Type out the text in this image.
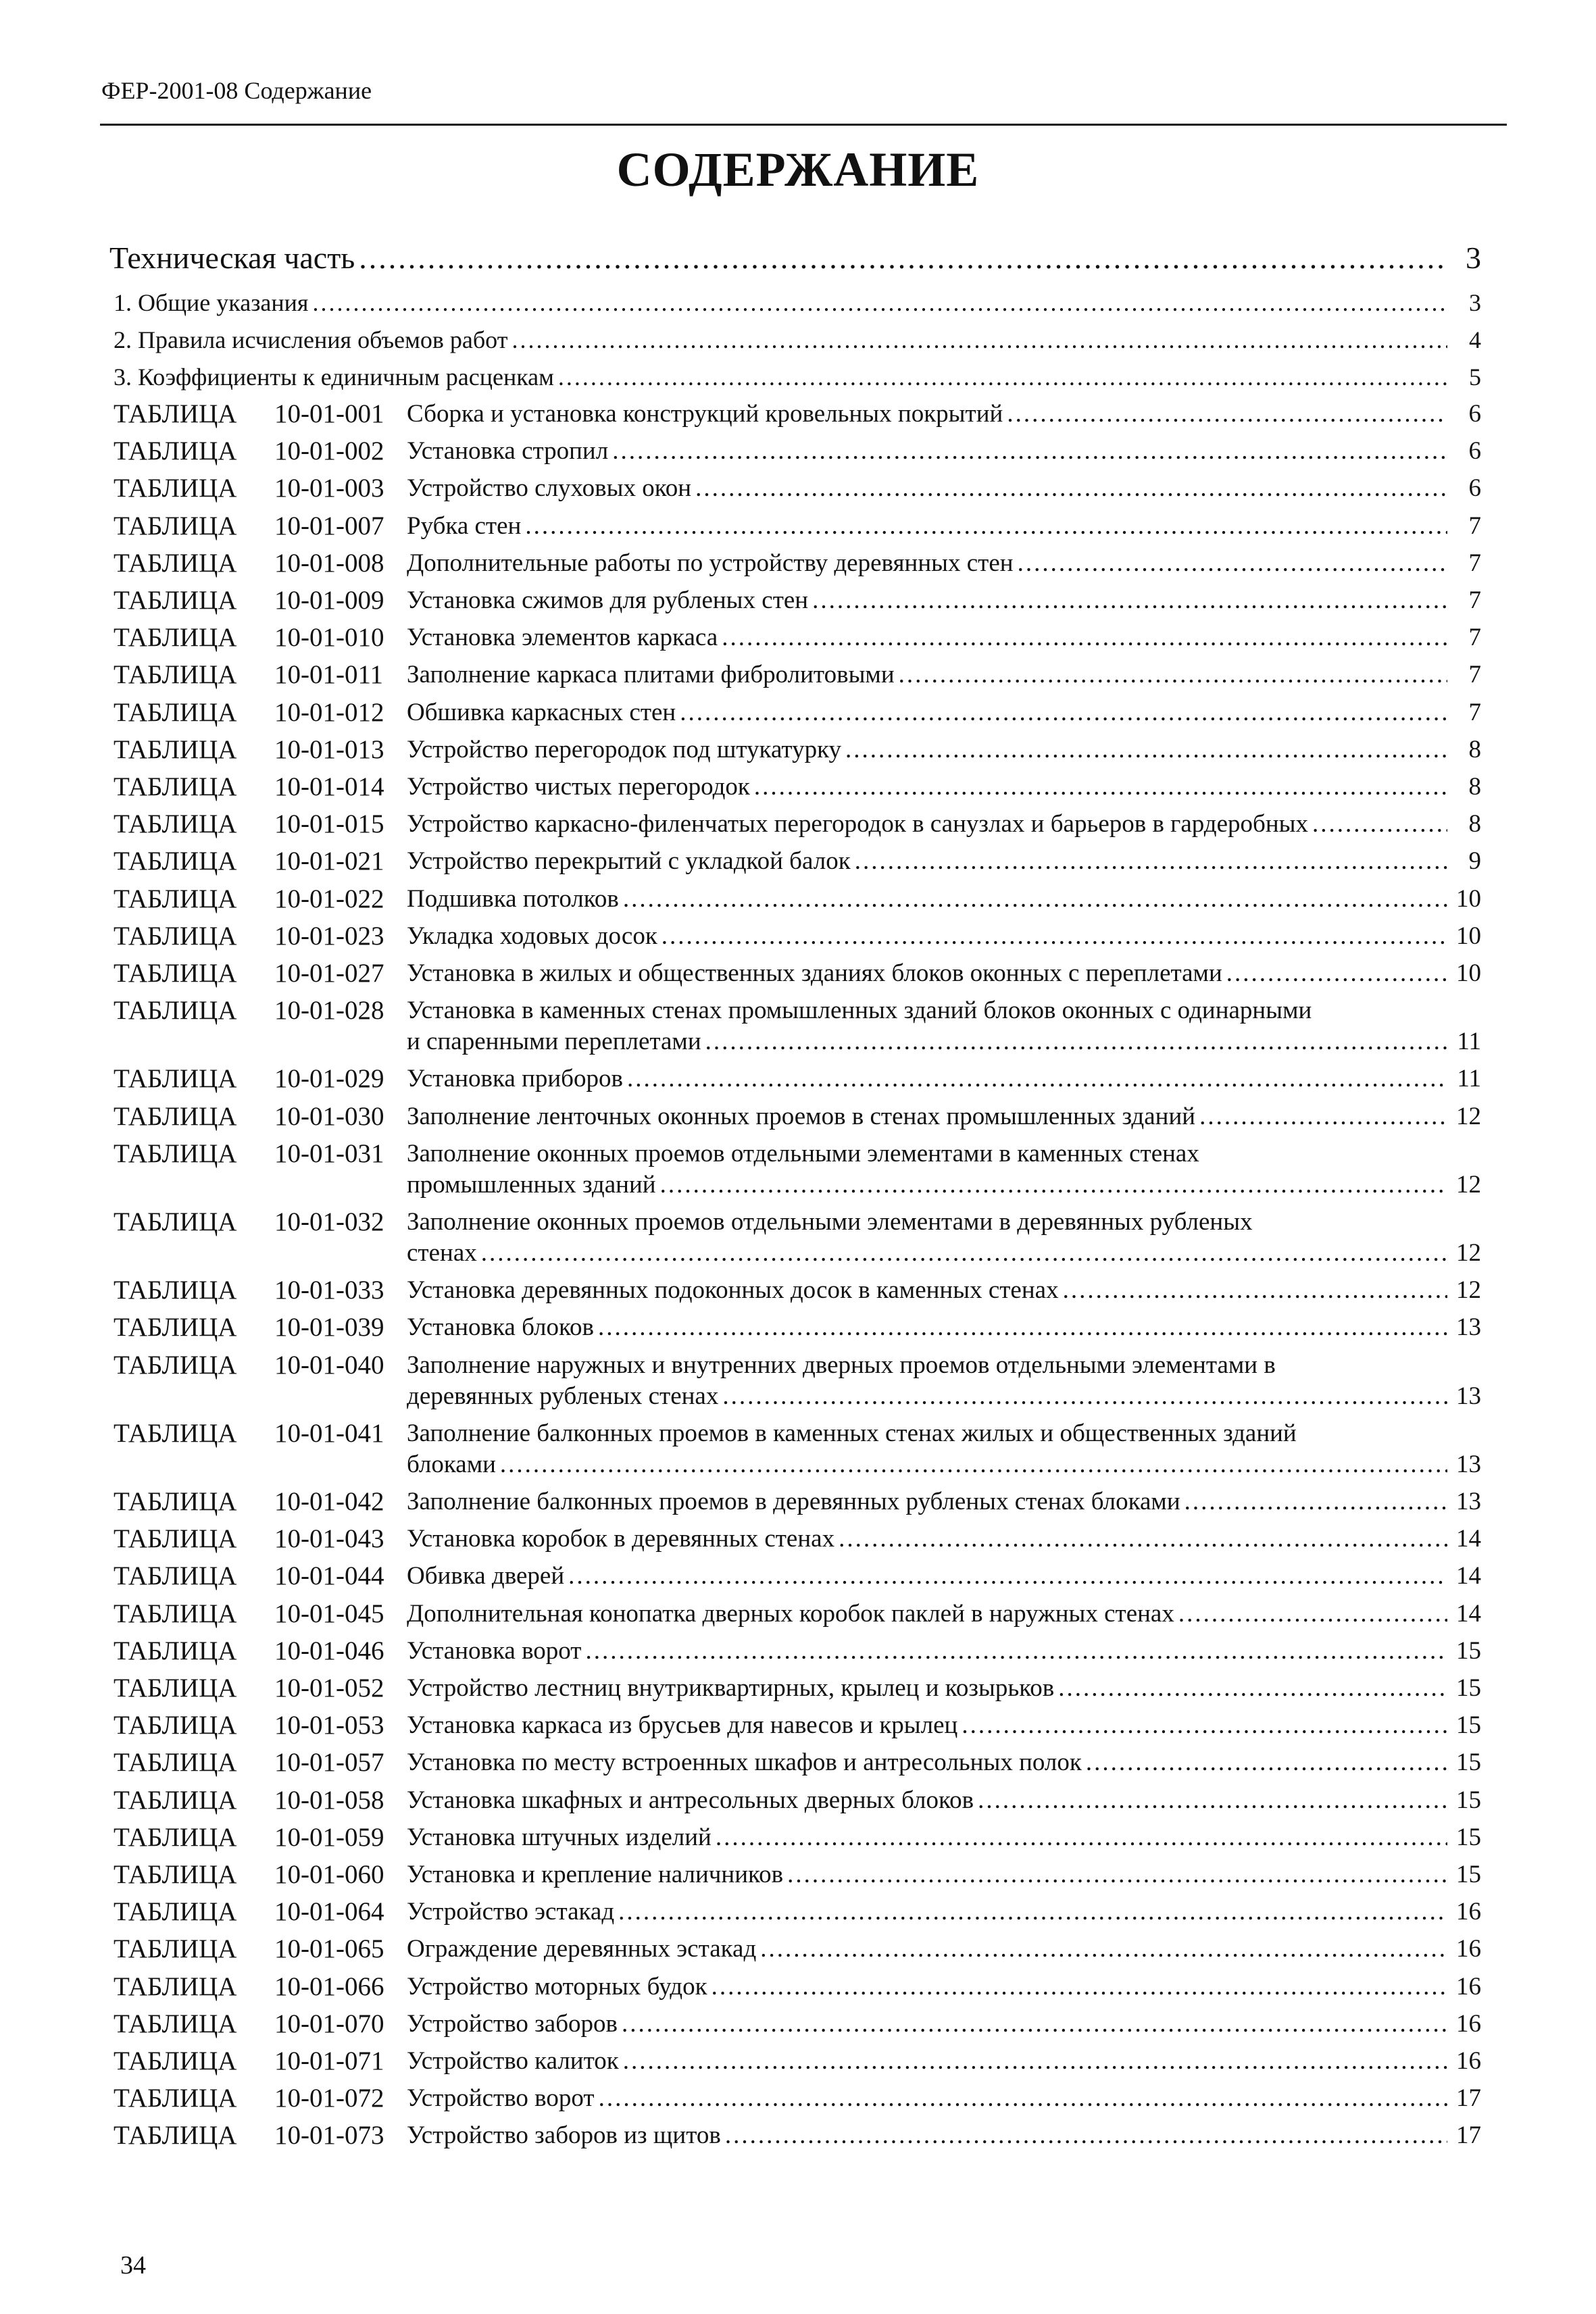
ФЕР-2001-08 Содержание
СОДЕРЖАНИЕ
Техническая часть .....	3
1. Общие указания .....	3
2. Правила исчисления объемов работ .....	4
3. Коэффициенты к единичным расценкам .....	5
ТАБЛИЦА 10-01-001 Сборка и установка конструкций кровельных покрытий .....	6
ТАБЛИЦА 10-01-002 Установка стропил .....	6
ТАБЛИЦА 10-01-003 Устройство слуховых окон .....	6
ТАБЛИЦА 10-01-007 Рубка стен .....	7
ТАБЛИЦА 10-01-008 Дополнительные работы по устройству деревянных стен .....	7
ТАБЛИЦА 10-01-009 Установка сжимов для рубленых стен .....	7
ТАБЛИЦА 10-01-010 Установка элементов каркаса .....	7
ТАБЛИЦА 10-01-011 Заполнение каркаса плитами фибролитовыми .....	7
ТАБЛИЦА 10-01-012 Обшивка каркасных стен .....	7
ТАБЛИЦА 10-01-013 Устройство перегородок под штукатурку .....	8
ТАБЛИЦА 10-01-014 Устройство чистых перегородок .....	8
ТАБЛИЦА 10-01-015 Устройство каркасно-филенчатых перегородок в санузлах и барьеров в гардеробных .....	8
ТАБЛИЦА 10-01-021 Устройство перекрытий с укладкой балок .....	9
ТАБЛИЦА 10-01-022 Подшивка потолков .....	10
ТАБЛИЦА 10-01-023 Укладка ходовых досок .....	10
ТАБЛИЦА 10-01-027 Установка в жилых и общественных зданиях блоков оконных с переплетами .....	10
ТАБЛИЦА 10-01-028 Установка в каменных стенах промышленных зданий блоков оконных с одинарными
и спаренными переплетами .....	11
ТАБЛИЦА 10-01-029 Установка приборов .....	11
ТАБЛИЦА 10-01-030 Заполнение ленточных оконных проемов в стенах промышленных зданий .....	12
ТАБЛИЦА 10-01-031 Заполнение оконных проемов отдельными элементами в каменных стенах
промышленных зданий .....	12
ТАБЛИЦА 10-01-032 Заполнение оконных проемов отдельными элементами в деревянных рубленых
стенах .....	12
ТАБЛИЦА 10-01-033 Установка деревянных подоконных досок в каменных стенах .....	12
ТАБЛИЦА 10-01-039 Установка блоков .....	13
ТАБЛИЦА 10-01-040 Заполнение наружных и внутренних дверных проемов отдельными элементами в
деревянных рубленых стенах .....	13
ТАБЛИЦА 10-01-041 Заполнение балконных проемов в каменных стенах жилых и общественных зданий
блоками .....	13
ТАБЛИЦА 10-01-042 Заполнение балконных проемов в деревянных рубленых стенах блоками .....	13
ТАБЛИЦА 10-01-043 Установка коробок в деревянных стенах .....	14
ТАБЛИЦА 10-01-044 Обивка дверей .....	14
ТАБЛИЦА 10-01-045 Дополнительная конопатка дверных коробок паклей в наружных стенах .....	14
ТАБЛИЦА 10-01-046 Установка ворот .....	15
ТАБЛИЦА 10-01-052 Устройство лестниц внутриквартирных, крылец и козырьков .....	15
ТАБЛИЦА 10-01-053 Установка каркаса из брусьев для навесов и крылец .....	15
ТАБЛИЦА 10-01-057 Установка по месту встроенных шкафов и антресольных полок .....	15
ТАБЛИЦА 10-01-058 Установка шкафных и антресольных дверных блоков .....	15
ТАБЛИЦА 10-01-059 Установка штучных изделий .....	15
ТАБЛИЦА 10-01-060 Установка и крепление наличников .....	15
ТАБЛИЦА 10-01-064 Устройство эстакад .....	16
ТАБЛИЦА 10-01-065 Ограждение деревянных эстакад .....	16
ТАБЛИЦА 10-01-066 Устройство моторных будок .....	16
ТАБЛИЦА 10-01-070 Устройство заборов .....	16
ТАБЛИЦА 10-01-071 Устройство калиток .....	16
ТАБЛИЦА 10-01-072 Устройство ворот .....	17
ТАБЛИЦА 10-01-073 Устройство заборов из щитов .....	17
34
